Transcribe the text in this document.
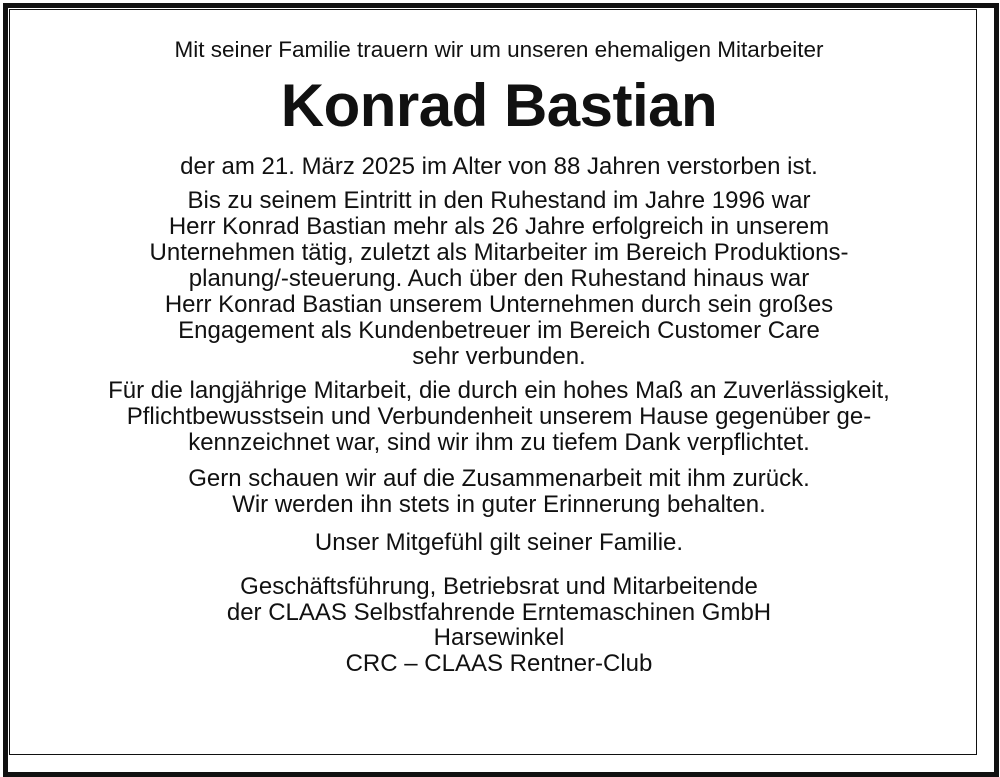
Mit seiner Familie trauern wir um unseren ehemaligen Mitarbeiter

Konrad Bastian

der am 21. März 2025 im Alter von 88 Jahren verstorben ist.

Bis zu seinem Eintritt in den Ruhestand im Jahre 1996 war
Herr Konrad Bastian mehr als 26 Jahre erfolgreich in unserem
Unternehmen tätig, zuletzt als Mitarbeiter im Bereich Produktions-
planung/-steuerung. Auch über den Ruhestand hinaus war
Herr Konrad Bastian unserem Unternehmen durch sein großes
Engagement als Kundenbetreuer im Bereich Customer Care
sehr verbunden.

Für die langjährige Mitarbeit, die durch ein hohes Maß an Zuverlässigkeit,
Pflichtbewusstsein und Verbundenheit unserem Hause gegenüber ge-
kennzeichnet war, sind wir ihm zu tiefem Dank verpflichtet.

Gern schauen wir auf die Zusammenarbeit mit ihm zurück.
Wir werden ihn stets in guter Erinnerung behalten.

Unser Mitgefühl gilt seiner Familie.

Geschäftsführung, Betriebsrat und Mitarbeitende
der CLAAS Selbstfahrende Erntemaschinen GmbH
Harsewinkel
CRC – CLAAS Rentner-Club
